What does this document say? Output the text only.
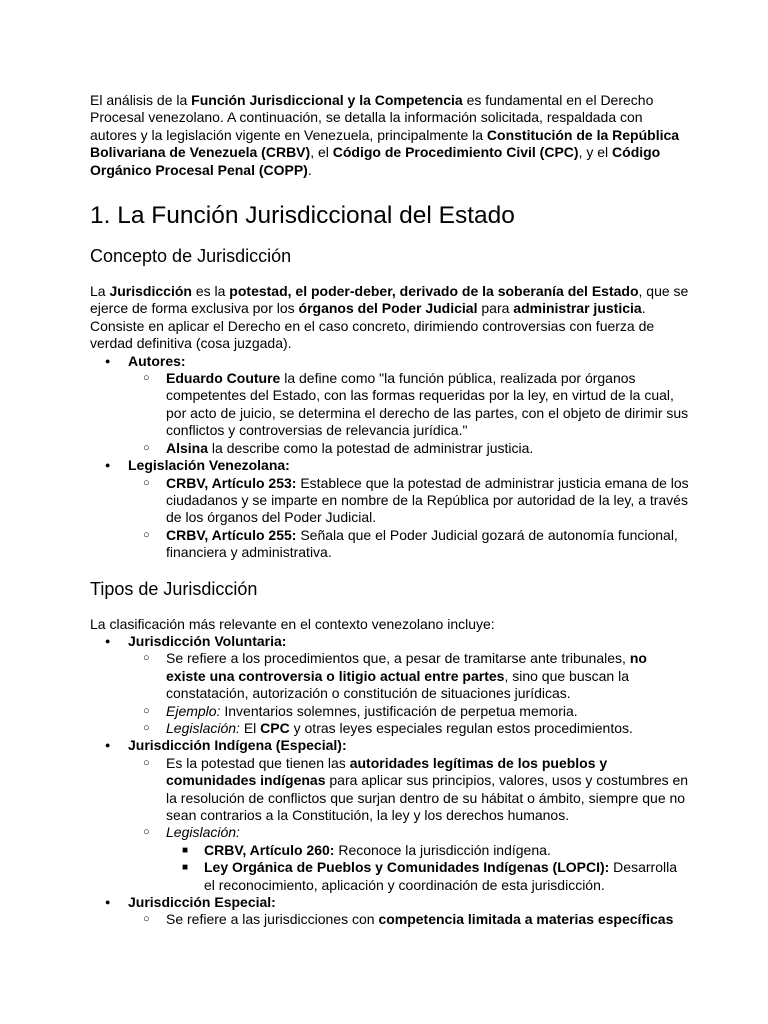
El análisis de la Función Jurisdiccional y la Competencia es fundamental en el Derecho Procesal venezolano. A continuación, se detalla la información solicitada, respaldada con autores y la legislación vigente en Venezuela, principalmente la Constitución de la República Bolivariana de Venezuela (CRBV), el Código de Procedimiento Civil (CPC), y el Código Orgánico Procesal Penal (COPP).

1. La Función Jurisdiccional del Estado
Concepto de Jurisdicción

La Jurisdicción es la potestad, el poder-deber, derivado de la soberanía del Estado, que se ejerce de forma exclusiva por los órganos del Poder Judicial para administrar justicia. Consiste en aplicar el Derecho en el caso concreto, dirimiendo controversias con fuerza de verdad definitiva (cosa juzgada).

● Autores:
○ Eduardo Couture la define como "la función pública, realizada por órganos competentes del Estado, con las formas requeridas por la ley, en virtud de la cual, por acto de juicio, se determina el derecho de las partes, con el objeto de dirimir sus conflictos y controversias de relevancia jurídica."
○ Alsina la describe como la potestad de administrar justicia.
● Legislación Venezolana:
○ CRBV, Artículo 253: Establece que la potestad de administrar justicia emana de los ciudadanos y se imparte en nombre de la República por autoridad de la ley, a través de los órganos del Poder Judicial.
○ CRBV, Artículo 255: Señala que el Poder Judicial gozará de autonomía funcional, financiera y administrativa.
Tipos de Jurisdicción

La clasificación más relevante en el contexto venezolano incluye:

● Jurisdicción Voluntaria:
○ Se refiere a los procedimientos que, a pesar de tramitarse ante tribunales, no existe una controversia o litigio actual entre partes, sino que buscan la constatación, autorización o constitución de situaciones jurídicas.
○ Ejemplo: Inventarios solemnes, justificación de perpetua memoria.
○ Legislación: El CPC y otras leyes especiales regulan estos procedimientos.
● Jurisdicción Indígena (Especial):
○ Es la potestad que tienen las autoridades legítimas de los pueblos y comunidades indígenas para aplicar sus principios, valores, usos y costumbres en la resolución de conflictos que surjan dentro de su hábitat o ámbito, siempre que no sean contrarios a la Constitución, la ley y los derechos humanos.
○ Legislación:
■ CRBV, Artículo 260: Reconoce la jurisdicción indígena.
■ Ley Orgánica de Pueblos y Comunidades Indígenas (LOPCI): Desarrolla el reconocimiento, aplicación y coordinación de esta jurisdicción.
● Jurisdicción Especial:
○ Se refiere a las jurisdicciones con competencia limitada a materias específicas
